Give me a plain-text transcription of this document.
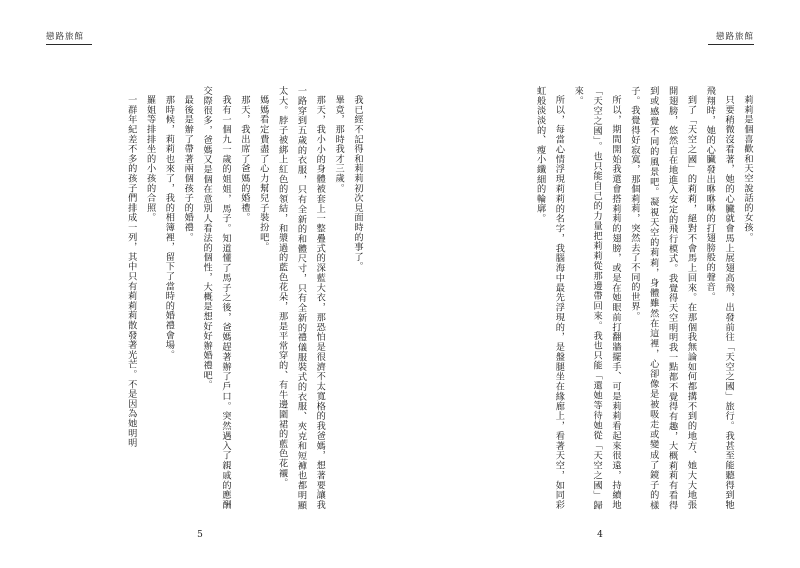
戀路旅館

我已經不記得和莉莉初次見面時的事了。

畢竟，那時我才三歲。

那天，我小小的身體被套上一整疊式的深藍大衣，那恐怕是很濟不太寬格的我爸媽，想著要讓我一路穿到五歲的衣服，只有全新的和體尺寸，只有全新的禮儀服裝式的衣服、夾克和短褲也都明顯太大。脖子被綁上紅色的領結，和漿過的藍色花朵，那是平常穿的、有牛邊圍裙的藍色花襯。

媽媽看定費盡了心力幫兒子裝扮吧。

那天，我出席了爸媽的婚禮。

我有一個九一歲的姐姐，馬子。知道懂了馬子之後，爸媽趕著辦了戶口。突然遇入了親戚的應酬交際很多，爸媽又是個在意別人看法的個性，大概是想好好辦婚禮吧。

最後是辦了帶著兩個孩子的婚禮。

那時候，莉莉也來了，我的相簿裡，留下了當時的婚禮會場。

羅姐等排排坐的小孩的合照。

一群年紀差不多的孩子們排成一列，其中只有莉莉莉散發著光芒。不是因為她明明

5
戀路旅館

莉莉是個喜歡和天空說話的女孩。

只要稍微沒看著，她的心臟就會馬上展翅高飛，出發前往「天空之國」旅行。我甚至能聽得到牠飛翔時，她的心臟發出咻咻咻的打翅膀般的聲音。

到了「天空之國」的莉莉，絕對不會馬上回來。在那個我無論如何都搆不到的地方、她大大地張開翅膀，悠然自在地進入安定的飛行模式。我覺得天空明明我一點都不覺得有趣，大概莉莉有看得到或感覺不同的風景吧。凝視天空的莉莉，身體雖然在這裡，心卻像是被吸走或變成了鏡子的樣子。我覺得好寂寞，那個莉莉，突然去了不同的世界。

所以，期間開始我還會搭莉莉的翅膀，或是在她眼前打翻牆擺手、可是莉莉看起來很遠，持續地「天空之國」。也只能自己的力量把莉莉從那邊帶回來。我也只能「還她等待她從「天空之國」歸來。

所以，每當心情浮現莉莉的名字，我腦海中最先浮現的，是盤腿坐在緣廊上，看著天空，如同彩虹般淡淡的、瘦小纖細的輪廓。

4
